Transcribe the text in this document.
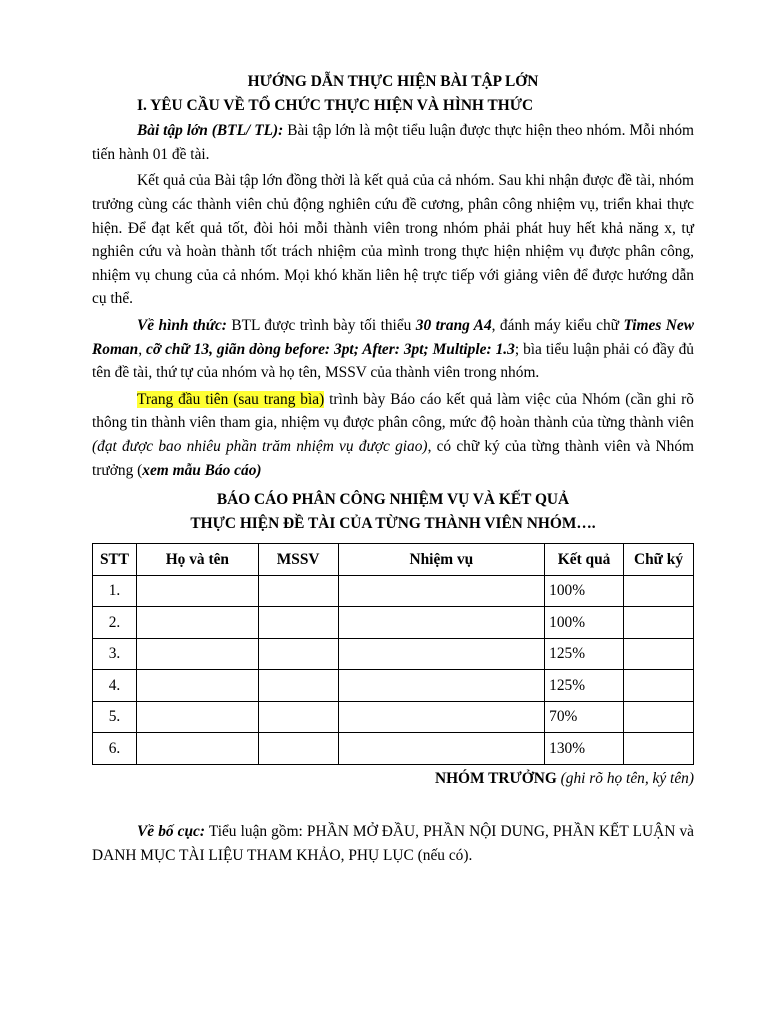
HƯỚNG DẪN THỰC HIỆN BÀI TẬP LỚN
I. YÊU CẦU VỀ TỔ CHỨC THỰC HIỆN VÀ HÌNH THỨC

Bài tập lớn (BTL/ TL): Bài tập lớn là một tiểu luận được thực hiện theo nhóm. Mỗi nhóm tiến hành 01 đề tài.

Kết quả của Bài tập lớn đồng thời là kết quả của cả nhóm. Sau khi nhận được đề tài, nhóm trưởng cùng các thành viên chủ động nghiên cứu đề cương, phân công nhiệm vụ, triển khai thực hiện. Để đạt kết quả tốt, đòi hỏi mỗi thành viên trong nhóm phải phát huy hết khả năng x, tự nghiên cứu và hoàn thành tốt trách nhiệm của mình trong thực hiện nhiệm vụ được phân công, nhiệm vụ chung của cả nhóm. Mọi khó khăn liên hệ trực tiếp với giảng viên để được hướng dẫn cụ thể.

Về hình thức: BTL được trình bày tối thiểu 30 trang A4, đánh máy kiểu chữ Times New Roman, cỡ chữ 13, giãn dòng before: 3pt; After: 3pt; Multiple: 1.3; bìa tiểu luận phải có đầy đủ tên đề tài, thứ tự của nhóm và họ tên, MSSV của thành viên trong nhóm.

Trang đầu tiên (sau trang bìa) trình bày Báo cáo kết quả làm việc của Nhóm (cần ghi rõ thông tin thành viên tham gia, nhiệm vụ được phân công, mức độ hoàn thành của từng thành viên (đạt được bao nhiêu phần trăm nhiệm vụ được giao), có chữ ký của từng thành viên và Nhóm trưởng (xem mẫu Báo cáo)

BÁO CÁO PHÂN CÔNG NHIỆM VỤ VÀ KẾT QUẢ
THỰC HIỆN ĐỀ TÀI CỦA TỪNG THÀNH VIÊN NHÓM….
STT	Họ và tên	MSSV	Nhiệm vụ	Kết quả	Chữ ký
1.				100%	
2.				100%	
3.				125%	
4.				125%	
5.				70%	
6.				130%	
NHÓM TRƯỞNG (ghi rõ họ tên, ký tên)

Về bố cục: Tiểu luận gồm: PHẦN MỞ ĐẦU, PHẦN NỘI DUNG, PHẦN KẾT LUẬN và DANH MỤC TÀI LIỆU THAM KHẢO, PHỤ LỤC (nếu có).
